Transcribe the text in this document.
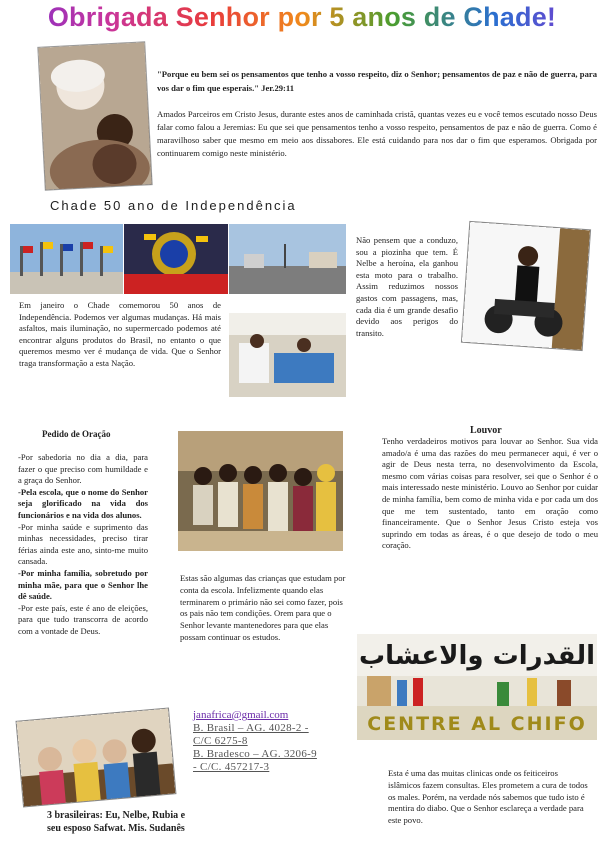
Obrigada Senhor por 5 anos de Chade!
"Porque eu bem sei os pensamentos que tenho a vosso respeito, diz o Senhor; pensamentos de paz e não de guerra, para vos dar o fim que esperais." Jer.29:11
Amados Parceiros em Cristo Jesus, durante estes anos de caminhada cristã, quantas vezes eu e você temos escutado nosso Deus falar como falou a Jeremias: Eu que sei que pensamentos tenho a vosso respeito, pensamentos de paz e não de guerra. Como é maravilhoso saber que mesmo em meio aos dissabores. Ele está cuidando para nos dar o fim que esperamos. Obrigada por continuarem comigo neste ministério.
Chade 50 ano de Independência
Em janeiro o Chade comemorou 50 anos de Independência. Podemos ver algumas mudanças. Há mais asfaltos, mais iluminação, no supermercado podemos até encontrar alguns produtos do Brasil, no entanto o que queremos mesmo ver é mudança de vida. Que o Senhor traga transformação a esta Nação.
Não pensem que a conduzo, sou a piozinha que tem. É Nelbe a heroína, ela ganhou esta moto para o trabalho. Assim reduzimos nossos gastos com passagens, mas, cada dia é um grande desafio devido aos perigos do transito.
Pedido de Oração
-Por sabedoria no dia a dia, para fazer o que preciso com humildade e a graça do Senhor.
-Pela escola, que o nome do Senhor seja glorificado na vida dos funcionários e na vida dos alunos.
-Por minha saúde e suprimento das minhas necessidades, preciso tirar férias ainda este ano, sinto-me muito cansada.
-Por minha família, sobretudo por minha mãe, para que o Senhor lhe dê saúde.
-Por este país, este é ano de eleições, para que tudo transcorra de acordo com a vontade de Deus.
Estas são algumas das crianças que estudam por conta da escola. Infelizmente quando elas terminarem o primário não sei como fazer, pois os pais não tem condições. Orem para que o Senhor levante mantenedores para que elas possam continuar os estudos.
Louvor
Tenho verdadeiros motivos para louvar ao Senhor. Sua vida amado/a é uma das razões do meu permanecer aqui, é ver o agir de Deus nesta terra, no desenvolvimento da Escola, mesmo com várias coisas para resolver, sei que o Senhor é o mais interessado neste ministério. Louvo ao Senhor por cuidar de minha família, bem como de minha vida e por cada um dos que me tem sustentado, tanto em oração como financeiramente. Que o Senhor Jesus Cristo esteja vos suprindo em todas as áreas, é o que desejo de todo o meu coração.
القدرات والاعشاب
CENTRE AL CHIFO
Esta é uma das muitas clinicas onde os feiticeiros islâmicos fazem consultas. Eles prometem a cura de todos os males. Porém, na verdade nós sabemos que tudo isto é mentira do diabo. Que o Senhor esclareça a verdade para este povo.
janafrica@gmail.com
B. Brasil – AG. 4028-2 -
C/C 6275-8
B. Bradesco – AG. 3206-9
- C/C. 457217-3
3 brasileiras: Eu, Nelbe, Rubia e seu esposo Safwat. Mis. Sudanês
